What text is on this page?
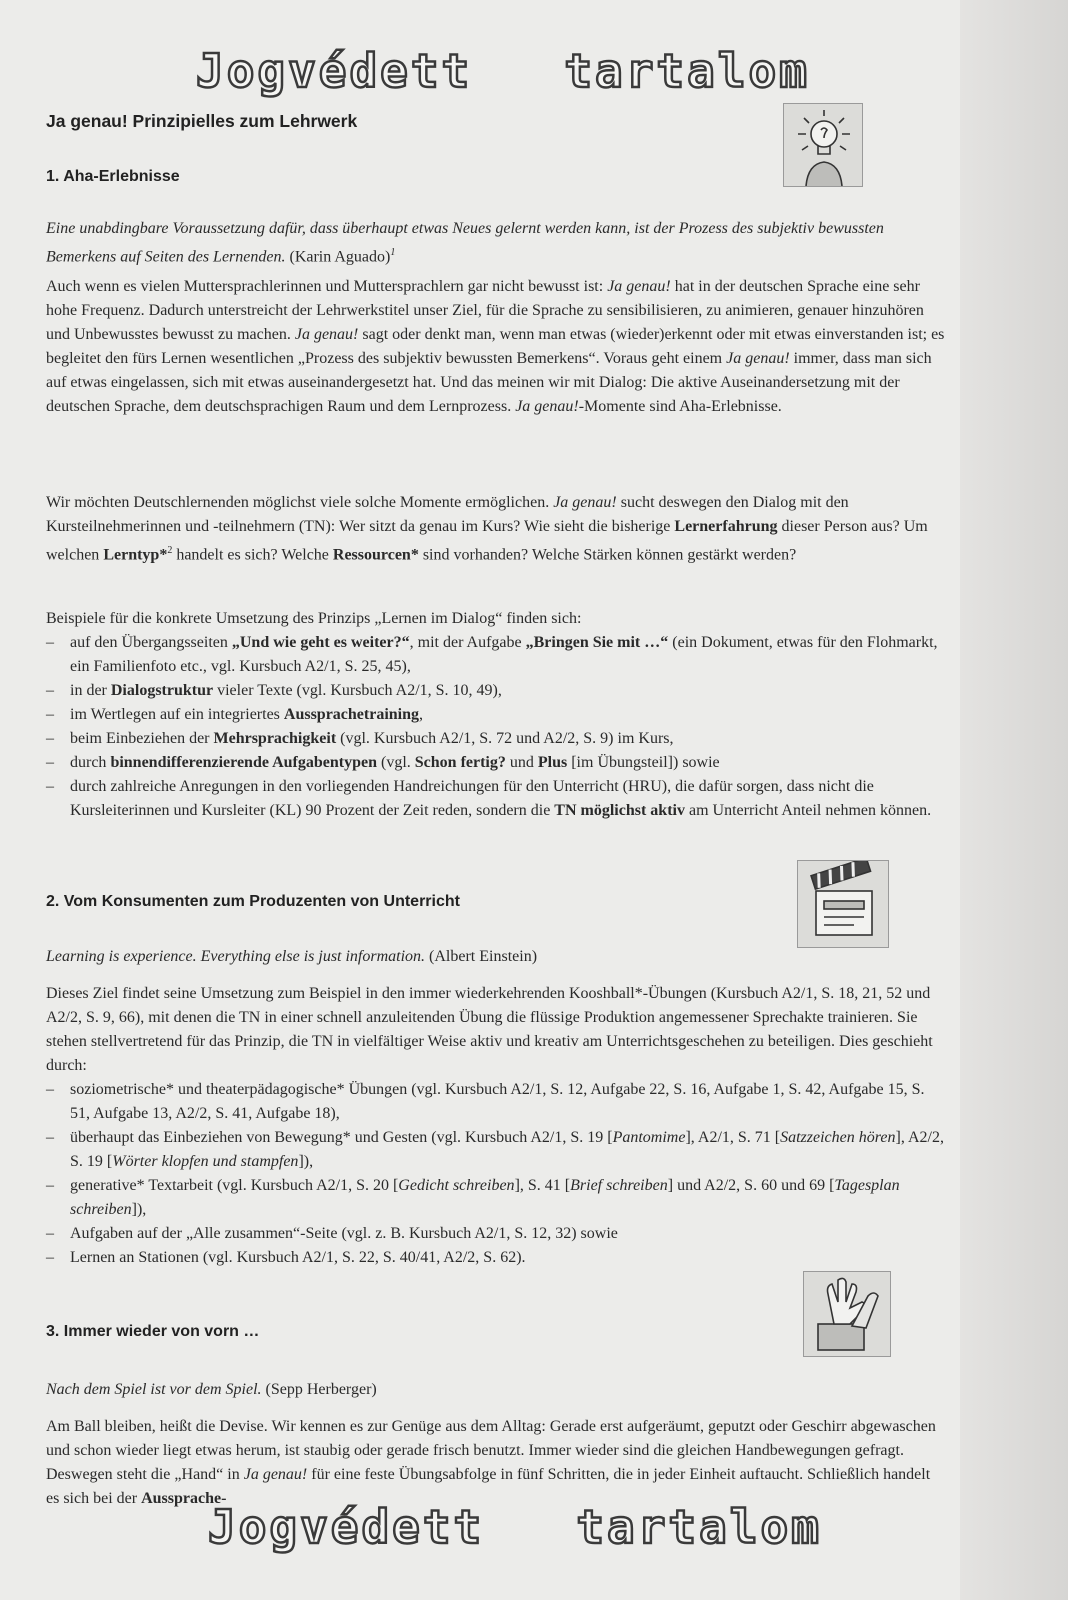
Jogvédett   tartalom
Ja genau! Prinzipielles zum Lehrwerk
1. Aha-Erlebnisse

Eine unabdingbare Voraussetzung dafür, dass überhaupt etwas Neues gelernt werden kann, ist der Prozess des subjektiv bewussten Bemerkens auf Seiten des Lernenden. (Karin Aguado)$^1$

Auch wenn es vielen Muttersprachlerinnen und Muttersprachlern gar nicht bewusst ist: Ja genau! hat in der deutschen Sprache eine sehr hohe Frequenz. Dadurch unterstreicht der Lehrwerkstitel unser Ziel, für die Sprache zu sensibilisieren, zu animieren, genauer hinzuhören und Unbewusstes bewusst zu machen. Ja genau! sagt oder denkt man, wenn man etwas (wieder)erkennt oder mit etwas einverstanden ist; es begleitet den fürs Lernen wesentlichen „Prozess des subjektiv bewussten Bemerkens“. Voraus geht einem Ja genau! immer, dass man sich auf etwas eingelassen, sich mit etwas auseinandergesetzt hat. Und das meinen wir mit Dialog: Die aktive Auseinandersetzung mit der deutschen Sprache, dem deutschsprachigen Raum und dem Lernprozess. Ja genau!-Momente sind Aha-Erlebnisse.

Wir möchten Deutschlernenden möglichst viele solche Momente ermöglichen. Ja genau! sucht deswegen den Dialog mit den Kursteilnehmerinnen und -teilnehmern (TN): Wer sitzt da genau im Kurs? Wie sieht die bisherige Lernerfahrung dieser Person aus? Um welchen Lerntyp*$^2$ handelt es sich? Welche Ressourcen* sind vorhanden? Welche Stärken können gestärkt werden?

Beispiele für die konkrete Umsetzung des Prinzips „Lernen im Dialog“ finden sich:
– auf den Übergangsseiten „Und wie geht es weiter?“, mit der Aufgabe „Bringen Sie mit …“ (ein Dokument, etwas für den Flohmarkt, ein Familienfoto etc., vgl. Kursbuch A2/1, S. 25, 45),
– in der Dialogstruktur vieler Texte (vgl. Kursbuch A2/1, S. 10, 49),
– im Wertlegen auf ein integriertes Aussprachetraining,
– beim Einbeziehen der Mehrsprachigkeit (vgl. Kursbuch A2/1, S. 72 und A2/2, S. 9) im Kurs,
– durch binnendifferenzierende Aufgabentypen (vgl. Schon fertig? und Plus [im Übungsteil]) sowie
– durch zahlreiche Anregungen in den vorliegenden Handreichungen für den Unterricht (HRU), die dafür sorgen, dass nicht die Kursleiterinnen und Kursleiter (KL) 90 Prozent der Zeit reden, sondern die TN möglichst aktiv am Unterricht Anteil nehmen können.
2. Vom Konsumenten zum Produzenten von Unterricht

Learning is experience. Everything else is just information. (Albert Einstein)

Dieses Ziel findet seine Umsetzung zum Beispiel in den immer wiederkehrenden Kooshball*-Übungen (Kursbuch A2/1, S. 18, 21, 52 und A2/2, S. 9, 66), mit denen die TN in einer schnell anzuleitenden Übung die flüssige Produktion angemessener Sprechakte trainieren. Sie stehen stellvertretend für das Prinzip, die TN in vielfältiger Weise aktiv und kreativ am Unterrichtsgeschehen zu beteiligen. Dies geschieht durch:
– soziometrische* und theaterpädagogische* Übungen (vgl. Kursbuch A2/1, S. 12, Aufgabe 22, S. 16, Aufgabe 1, S. 42, Aufgabe 15, S. 51, Aufgabe 13, A2/2, S. 41, Aufgabe 18),
– überhaupt das Einbeziehen von Bewegung* und Gesten (vgl. Kursbuch A2/1, S. 19 [Pantomime], A2/1, S. 71 [Satzzeichen hören], A2/2, S. 19 [Wörter klopfen und stampfen]),
– generative* Textarbeit (vgl. Kursbuch A2/1, S. 20 [Gedicht schreiben], S. 41 [Brief schreiben] und A2/2, S. 60 und 69 [Tagesplan schreiben]),
– Aufgaben auf der „Alle zusammen“-Seite (vgl. z. B. Kursbuch A2/1, S. 12, 32) sowie
– Lernen an Stationen (vgl. Kursbuch A2/1, S. 22, S. 40/41, A2/2, S. 62).
3. Immer wieder von vorn …

Nach dem Spiel ist vor dem Spiel. (Sepp Herberger)

Am Ball bleiben, heißt die Devise. Wir kennen es zur Genüge aus dem Alltag: Gerade erst aufgeräumt, geputzt oder Geschirr abgewaschen und schon wieder liegt etwas herum, ist staubig oder gerade frisch benutzt. Immer wieder sind die gleichen Handbewegungen gefragt. Deswegen steht die „Hand“ in Ja genau! für eine feste Übungsabfolge in fünf Schritten, die in jeder Einheit auftaucht. Schließlich handelt es sich bei der Aussprache-

Jogvédett   tartalom
